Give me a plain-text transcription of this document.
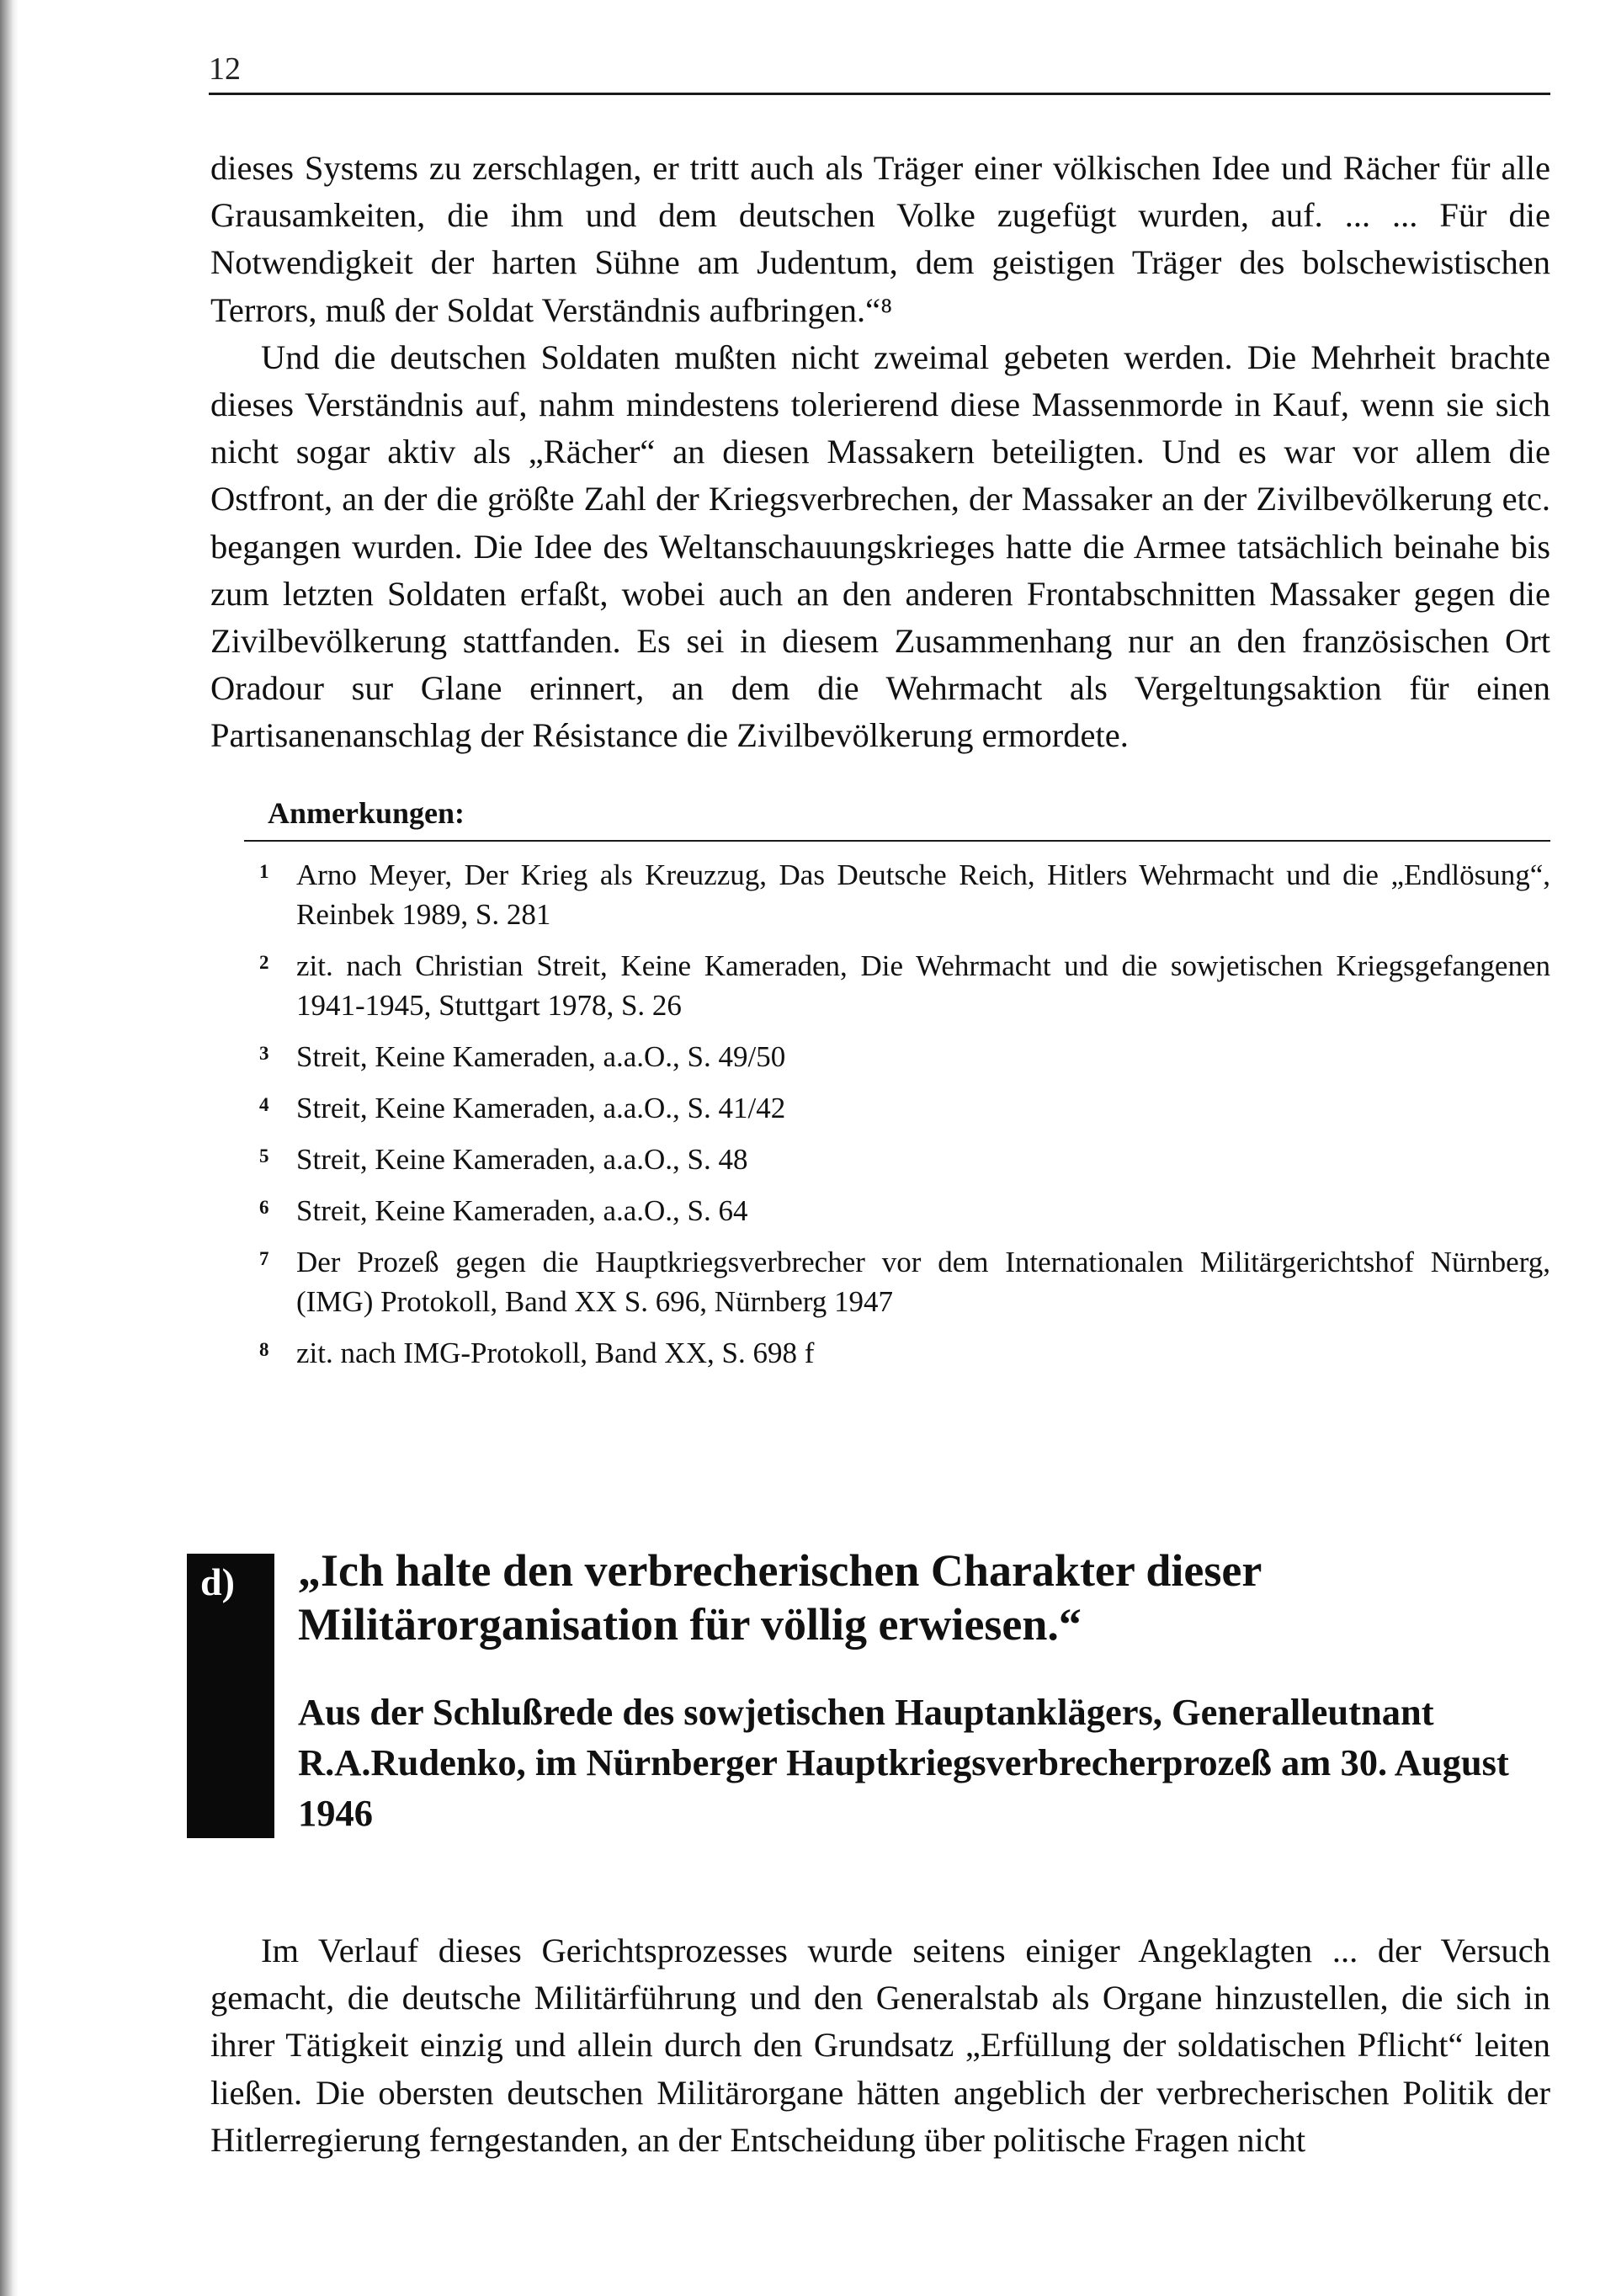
12

dieses Systems zu zerschlagen, er tritt auch als Träger einer völkischen Idee und Rächer für alle Grausamkeiten, die ihm und dem deutschen Volke zugefügt wurden, auf. ... ... Für die Notwendigkeit der harten Sühne am Judentum, dem geistigen Träger des bolschewistischen Terrors, muß der Soldat Verständnis aufbringen.“⁸

Und die deutschen Soldaten mußten nicht zweimal gebeten werden. Die Mehrheit brachte dieses Verständnis auf, nahm mindestens tolerierend diese Massenmorde in Kauf, wenn sie sich nicht sogar aktiv als „Rächer“ an diesen Massakern beteiligten. Und es war vor allem die Ostfront, an der die größte Zahl der Kriegsverbrechen, der Massaker an der Zivilbevölkerung etc. begangen wurden. Die Idee des Weltanschauungskrieges hatte die Armee tatsächlich beinahe bis zum letzten Soldaten erfaßt, wobei auch an den anderen Frontabschnitten Massaker gegen die Zivilbevölkerung stattfanden. Es sei in diesem Zusammenhang nur an den französischen Ort Oradour sur Glane erinnert, an dem die Wehrmacht als Vergeltungsaktion für einen Partisanenanschlag der Résistance die Zivilbevölkerung ermordete.

Anmerkungen:
1 Arno Meyer, Der Krieg als Kreuzzug, Das Deutsche Reich, Hitlers Wehrmacht und die „Endlösung“, Reinbek 1989, S. 281
2 zit. nach Christian Streit, Keine Kameraden, Die Wehrmacht und die sowjetischen Kriegsgefangenen 1941-1945, Stuttgart 1978, S. 26
3 Streit, Keine Kameraden, a.a.O., S. 49/50
4 Streit, Keine Kameraden, a.a.O., S. 41/42
5 Streit, Keine Kameraden, a.a.O., S. 48
6 Streit, Keine Kameraden, a.a.O., S. 64
7 Der Prozeß gegen die Hauptkriegsverbrecher vor dem Internationalen Militärgerichtshof Nürnberg, (IMG) Protokoll, Band XX S. 696, Nürnberg 1947
8 zit. nach IMG-Protokoll, Band XX, S. 698 f
d) „Ich halte den verbrecherischen Charakter dieser Militärorganisation für völlig erwiesen.“
Aus der Schlußrede des sowjetischen Hauptanklägers, Generalleutnant R.A.Rudenko, im Nürnberger Hauptkriegsverbrecherprozeß am 30. August 1946

Im Verlauf dieses Gerichtsprozesses wurde seitens einiger Angeklagten ... der Versuch gemacht, die deutsche Militärführung und den Generalstab als Organe hinzustellen, die sich in ihrer Tätigkeit einzig und allein durch den Grundsatz „Erfüllung der soldatischen Pflicht“ leiten ließen. Die obersten deutschen Militärorgane hätten angeblich der verbrecherischen Politik der Hitlerregierung ferngestanden, an der Entscheidung über politische Fragen nicht
